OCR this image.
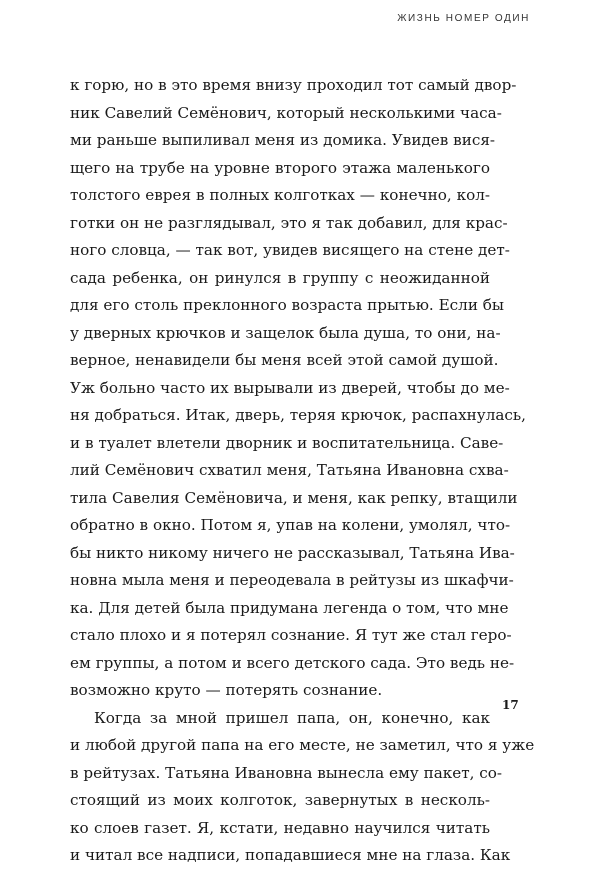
ЖИЗНЬ НОМЕР ОДИН
к горю, но в это время внизу проходил тот самый двор-
ник Савелий Семёнович, который несколькими часа-
ми раньше выпиливал меня из домика. Увидев вися-
щего на трубе на уровне второго этажа маленького
толстого еврея в полных колготках — конечно, кол-
готки он не разглядывал, это я так добавил, для крас-
ного словца, — так вот, увидев висящего на стене дет-
сада ребенка, он ринулся в группу с неожиданной
для его столь преклонного возраста прытью. Если бы
у дверных крючков и защелок была душа, то они, на-
верное, ненавидели бы меня всей этой самой душой.
Уж больно часто их вырывали из дверей, чтобы до ме-
ня добраться. Итак, дверь, теряя крючок, распахнулась,
и в туалет влетели дворник и воспитательница. Саве-
лий Семёнович схватил меня, Татьяна Ивановна схва-
тила Савелия Семёновича, и меня, как репку, втащили
обратно в окно. Потом я, упав на колени, умолял, что-
бы никто никому ничего не рассказывал, Татьяна Ива-
новна мыла меня и переодевала в рейтузы из шкафчи-
ка. Для детей была придумана легенда о том, что мне
стало плохо и я потерял сознание. Я тут же стал геро-
ем группы, а потом и всего детского сада. Это ведь не-
возможно круто — потерять сознание.
Когда за мной пришел папа, он, конечно, как
и любой другой папа на его месте, не заметил, что я уже
в рейтузах. Татьяна Ивановна вынесла ему пакет, со-
стоящий из моих колготок, завернутых в несколь-
ко слоев газет. Я, кстати, недавно научился читать
и читал все надписи, попадавшиеся мне на глаза. Как
17
